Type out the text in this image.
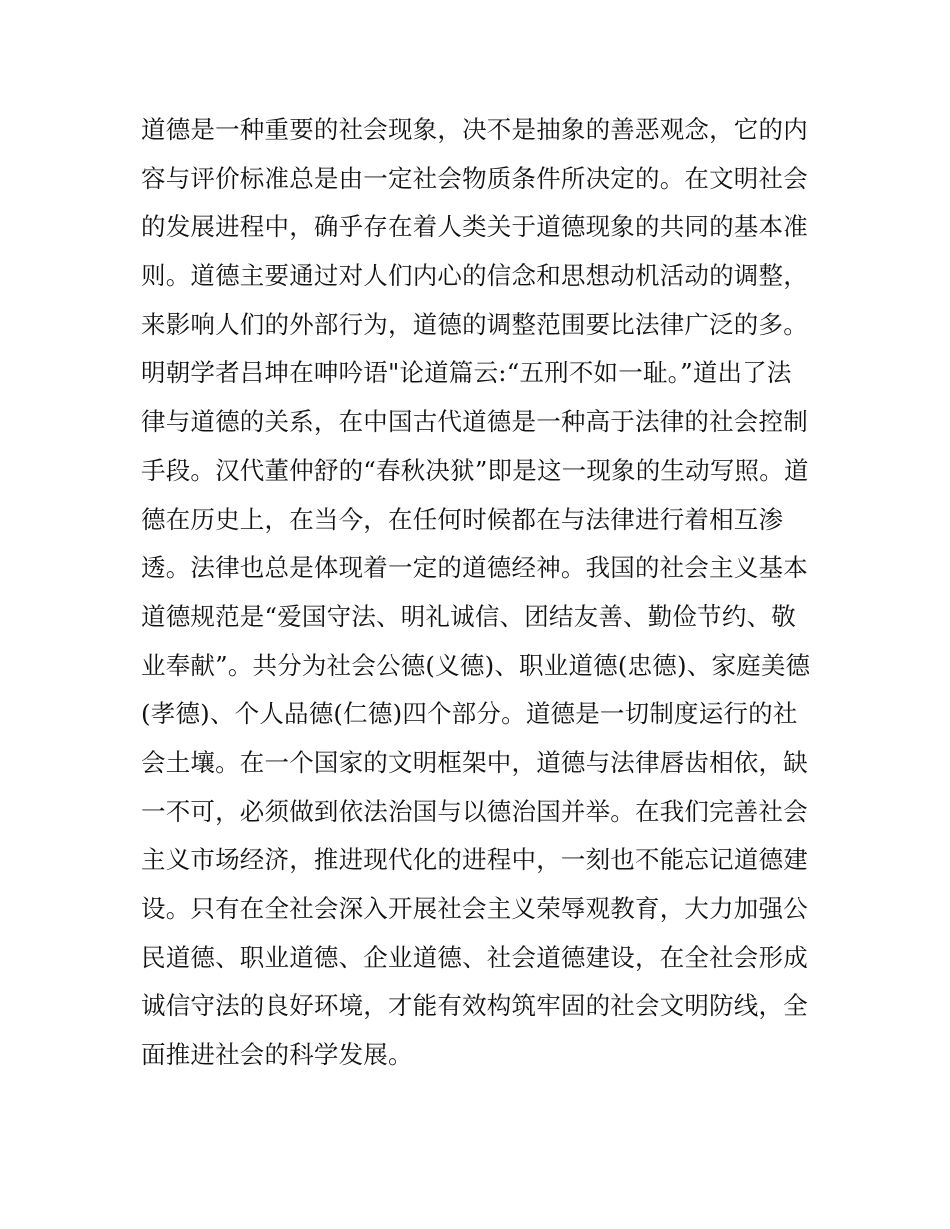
道德是一种重要的社会现象，决不是抽象的善恶观念，它的内
容与评价标准总是由一定社会物质条件所决定的。在文明社会
的发展进程中，确乎存在着人类关于道德现象的共同的基本准
则。道德主要通过对人们内心的信念和思想动机活动的调整，
来影响人们的外部行为，道德的调整范围要比法律广泛的多。
明朝学者吕坤在呻吟语"论道篇云:“五刑不如一耻。”道出了法
律与道德的关系，在中国古代道德是一种高于法律的社会控制
手段。汉代董仲舒的“春秋决狱”即是这一现象的生动写照。道
德在历史上，在当今，在任何时候都在与法律进行着相互渗
透。法律也总是体现着一定的道德经神。我国的社会主义基本
道德规范是“爱国守法、明礼诚信、团结友善、勤俭节约、敬
业奉献”。共分为社会公德(义德)、职业道德(忠德)、家庭美德
(孝德)、个人品德(仁德)四个部分。道德是一切制度运行的社
会土壤。在一个国家的文明框架中，道德与法律唇齿相依，缺
一不可，必须做到依法治国与以德治国并举。在我们完善社会
主义市场经济，推进现代化的进程中，一刻也不能忘记道德建
设。只有在全社会深入开展社会主义荣辱观教育，大力加强公
民道德、职业道德、企业道德、社会道德建设，在全社会形成
诚信守法的良好环境，才能有效构筑牢固的社会文明防线，全
面推进社会的科学发展。
